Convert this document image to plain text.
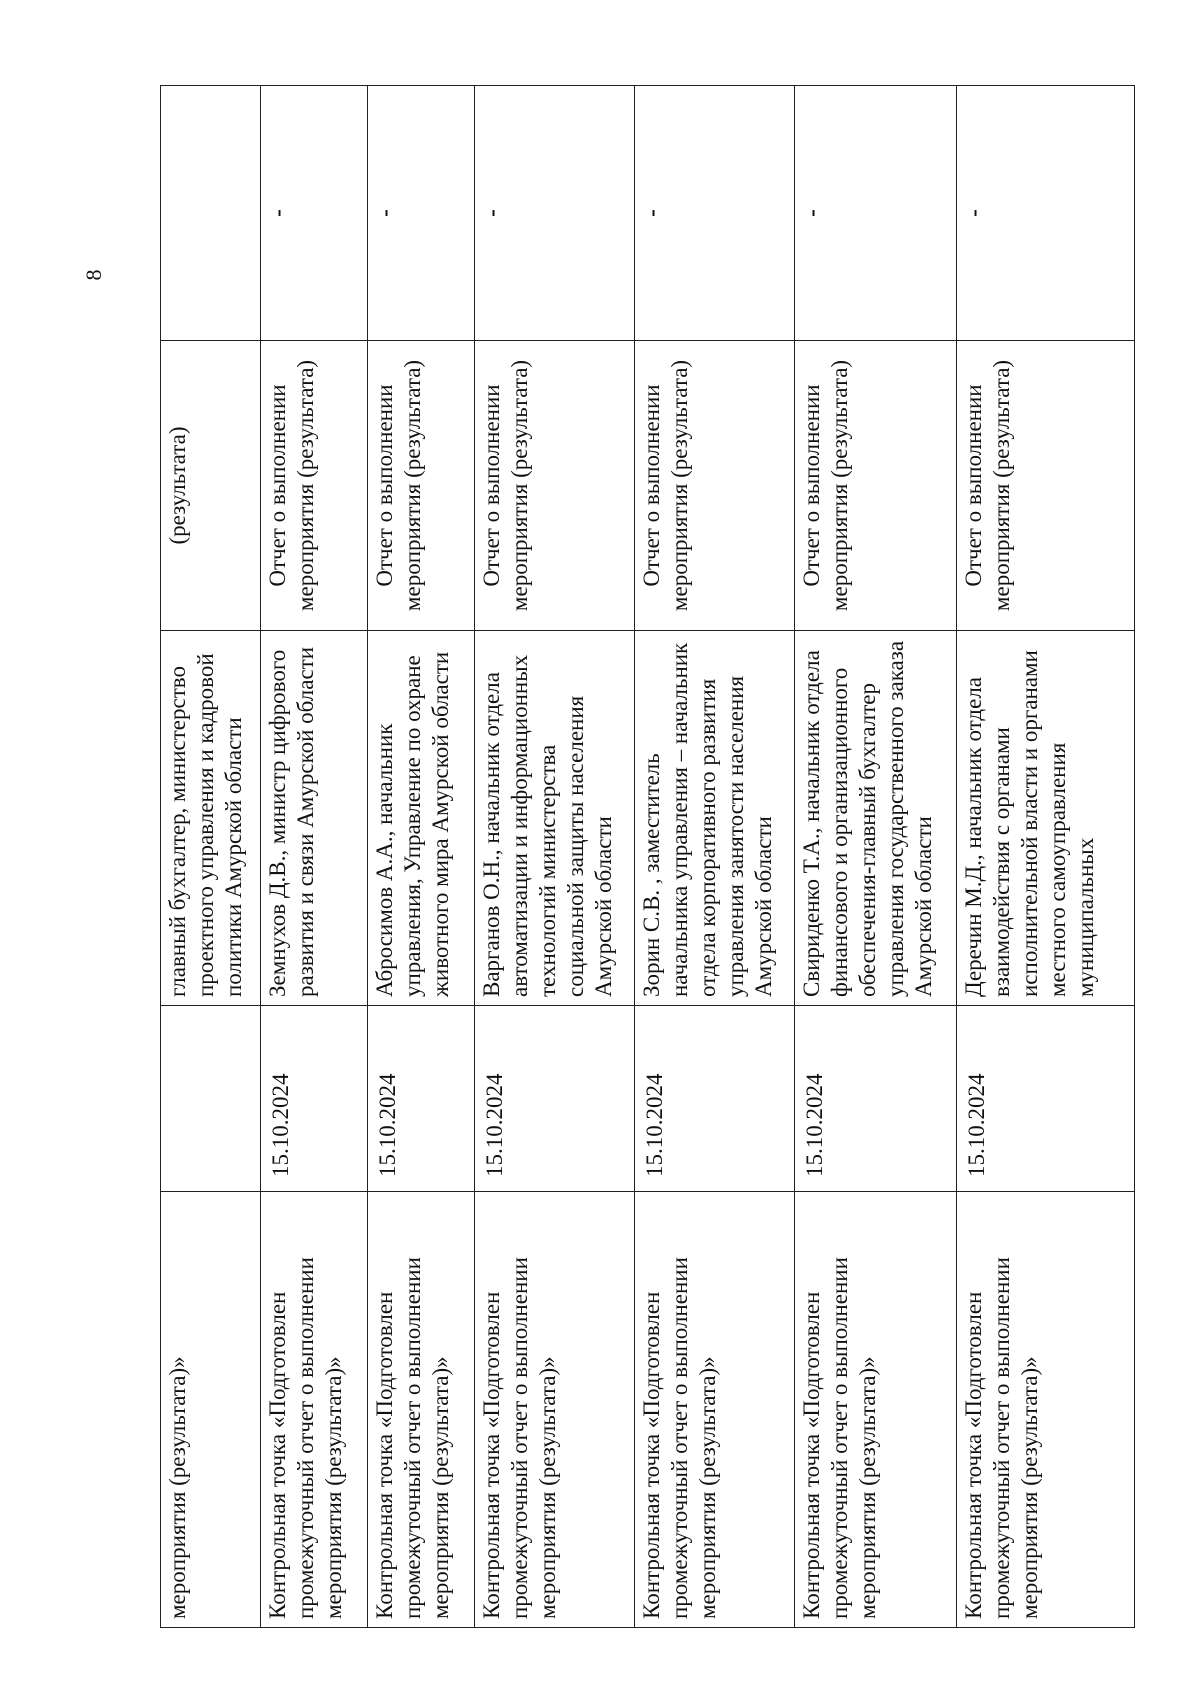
8
мероприятия (результата)»		главный бухгалтер, министерство проектного управления и кадровой политики Амурской области	(результата)	
Контрольная точка «Подготовлен промежуточный отчет о выполнении мероприятия (результата)»	15.10.2024	Земнухов Д.В., министр цифрового развития и связи Амурской области	Отчет о выполнении мероприятия (результата)	-
Контрольная точка «Подготовлен промежуточный отчет о выполнении мероприятия (результата)»	15.10.2024	Абросимов А.А., начальник управления, Управление по охране животного мира Амурской области	Отчет о выполнении мероприятия (результата)	-
Контрольная точка «Подготовлен промежуточный отчет о выполнении мероприятия (результата)»	15.10.2024	Варганов О.Н., начальник отдела автоматизации и информационных технологий министерства социальной защиты населения Амурской области	Отчет о выполнении мероприятия (результата)	-
Контрольная точка «Подготовлен промежуточный отчет о выполнении мероприятия (результата)»	15.10.2024	Зорин С.В. , заместитель начальника управления – начальник отдела корпоративного развития управления занятости населения Амурской области	Отчет о выполнении мероприятия (результата)	-
Контрольная точка «Подготовлен промежуточный отчет о выполнении мероприятия (результата)»	15.10.2024	Свириденко Т.А., начальник отдела финансового и организационного обеспечения-главный бухгалтер управления государственного заказа Амурской области	Отчет о выполнении мероприятия (результата)	-
Контрольная точка «Подготовлен промежуточный отчет о выполнении мероприятия (результата)»	15.10.2024	Деречин М.Д., начальник отдела взаимодействия с органами исполнительной власти и органами местного самоуправления муниципальных	Отчет о выполнении мероприятия (результата)	-
